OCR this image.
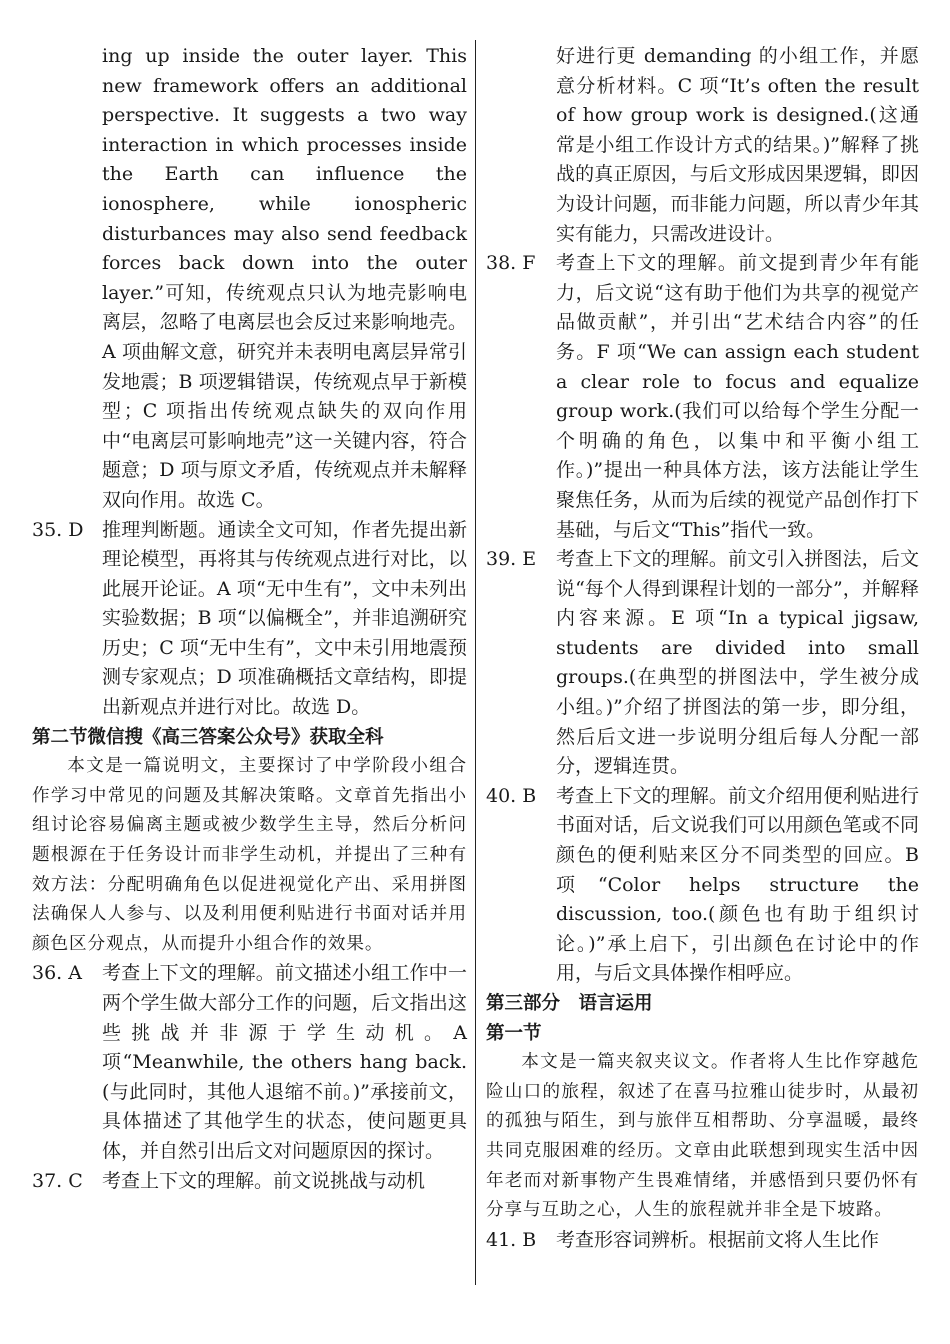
ing up inside the outer layer. This new framework offers an additional perspective. It suggests a two way interaction in which processes inside the Earth can influence the ionosphere, while ionospheric disturbances may also send feedback forces back down into the outer layer.”可知，传统观点只认为地壳影响电离层，忽略了电离层也会反过来影响地壳。A 项曲解文意，研究并未表明电离层异常引发地震；B 项逻辑错误，传统观点早于新模型；C 项指出传统观点缺失的双向作用中“电离层可影响地壳”这一关键内容，符合题意；D 项与原文矛盾，传统观点并未解释双向作用。故选 C。

35. D 推理判断题。通读全文可知，作者先提出新理论模型，再将其与传统观点进行对比，以此展开论证。A 项“无中生有”，文中未列出实验数据；B 项“以偏概全”，并非追溯研究历史；C 项“无中生有”，文中未引用地震预测专家观点；D 项准确概括文章结构，即提出新观点并进行对比。故选 D。

第二节微信搜《高三答案公众号》获取全科

本文是一篇说明文，主要探讨了中学阶段小组合作学习中常见的问题及其解决策略。文章首先指出小组讨论容易偏离主题或被少数学生主导，然后分析问题根源在于任务设计而非学生动机，并提出了三种有效方法：分配明确角色以促进视觉化产出、采用拼图法确保人人参与、以及利用便利贴进行书面对话并用颜色区分观点，从而提升小组合作的效果。

36. A	考查上下文的理解。前文描述小组工作中一两个学生做大部分工作的问题，后文指出这些挑战并非源于学生动机。A 项“Meanwhile, the others hang back.(与此同时，其他人退缩不前。)”承接前文，具体描述了其他学生的状态，使问题更具体，并自然引出后文对问题原因的探讨。
37. C	考查上下文的理解。前文说挑战与动机

好进行更 demanding 的小组工作，并愿意分析材料。C 项“It’s often the result of how group work is designed.(这通常是小组工作设计方式的结果。)”解释了挑战的真正原因，与后文形成因果逻辑，即因为设计问题，而非能力问题，所以青少年其实有能力，只需改进设计。

38. F	考查上下文的理解。前文提到青少年有能力，后文说“这有助于他们为共享的视觉产品做贡献”，并引出“艺术结合内容”的任务。F 项“We can assign each student a clear role to focus and equalize group work.(我们可以给每个学生分配一个明确的角色，以集中和平衡小组工作。)”提出一种具体方法，该方法能让学生聚焦任务，从而为后续的视觉产品创作打下基础，与后文“This”指代一致。
39. E	考查上下文的理解。前文引入拼图法，后文说“每个人得到课程计划的一部分”，并解释内容来源。E 项“In a typical jigsaw, students are divided into small groups.(在典型的拼图法中，学生被分成小组。)”介绍了拼图法的第一步，即分组，然后后文进一步说明分组后每人分配一部分，逻辑连贯。
40. B	考查上下文的理解。前文介绍用便利贴进行书面对话，后文说我们可以用颜色笔或不同颜色的便利贴来区分不同类型的回应。B 项“Color helps structure the discussion, too.(颜色也有助于组织讨论。)”承上启下，引出颜色在讨论中的作用，与后文具体操作相呼应。

第三部分　语言运用

第一节

本文是一篇夹叙夹议文。作者将人生比作穿越危险山口的旅程，叙述了在喜马拉雅山徒步时，从最初的孤独与陌生，到与旅伴互相帮助、分享温暖，最终共同克服困难的经历。文章由此联想到现实生活中因年老而对新事物产生畏难情绪，并感悟到只要仍怀有分享与互助之心，人生的旅程就并非全是下坡路。

41. B	考查形容词辨析。根据前文将人生比作
